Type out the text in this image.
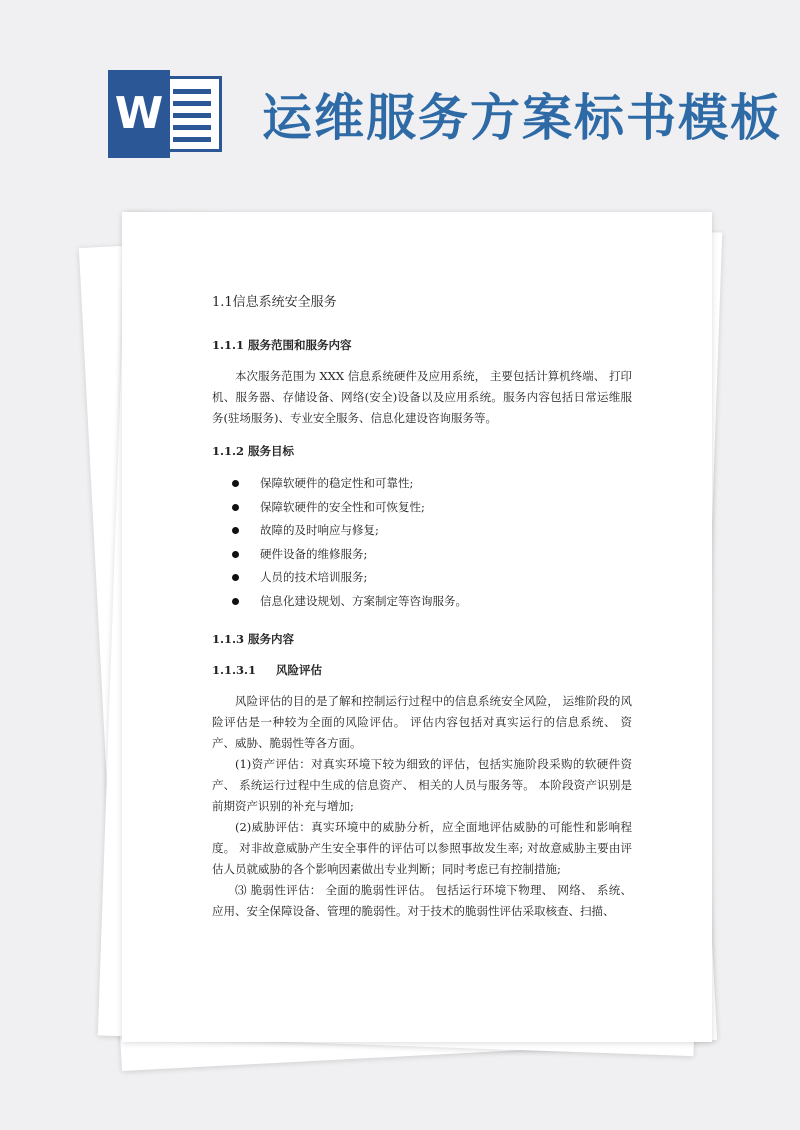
W 运维服务方案标书模板
1.1信息系统安全服务
1.1.1 服务范围和服务内容

本次服务范围为 XXX 信息系统硬件及应用系统， 主要包括计算机终端、 打印机、服务器、存储设备、网络(安全)设备以及应用系统。服务内容包括日常运维服务(驻场服务)、专业安全服务、信息化建设咨询服务等。

1.1.2 服务目标
保障软硬件的稳定性和可靠性;
保障软硬件的安全性和可恢复性;
故障的及时响应与修复;
硬件设备的维修服务;
人员的技术培训服务;
信息化建设规划、方案制定等咨询服务。
1.1.3 服务内容
1.1.3.1 风险评估

风险评估的目的是了解和控制运行过程中的信息系统安全风险， 运维阶段的风险评估是一种较为全面的风险评估。 评估内容包括对真实运行的信息系统、 资产、威胁、脆弱性等各方面。

(1)资产评估：对真实环境下较为细致的评估，包括实施阶段采购的软硬件资产、 系统运行过程中生成的信息资产、 相关的人员与服务等。 本阶段资产识别是前期资产识别的补充与增加;

(2)威胁评估：真实环境中的威胁分析，应全面地评估威胁的可能性和影响程度。 对非故意威胁产生安全事件的评估可以参照事故发生率; 对故意威胁主要由评估人员就威胁的各个影响因素做出专业判断；同时考虑已有控制措施;

⑶ 脆弱性评估： 全面的脆弱性评估。 包括运行环境下物理、 网络、 系统、应用、安全保障设备、管理的脆弱性。对于技术的脆弱性评估采取核查、扫描、
